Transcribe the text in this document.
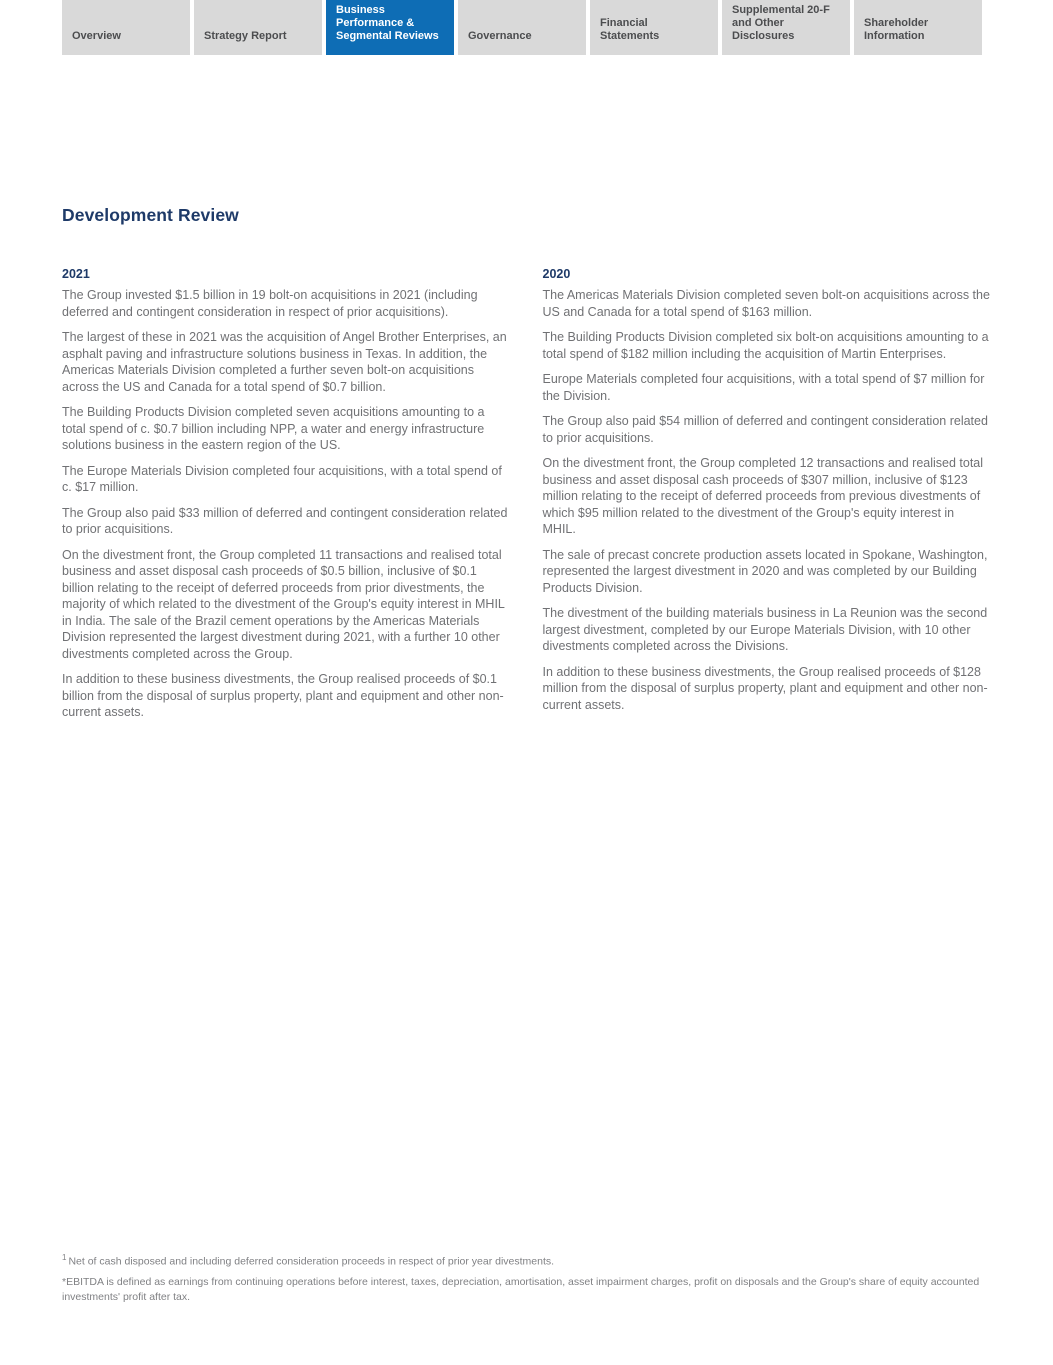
Overview	Strategy Report
Business Performance & Segmental Reviews	Governance
Financial Statements
Supplemental 20-F and Other Disclosures
Shareholder Information
Development Review
2021

The Group invested $1.5 billion in 19 bolt-on acquisitions in 2021 (including deferred and contingent consideration in respect of prior acquisitions).

The largest of these in 2021 was the acquisition of Angel Brother Enterprises, an asphalt paving and infrastructure solutions business in Texas. In addition, the Americas Materials Division completed a further seven bolt-on acquisitions across the US and Canada for a total spend of $0.7 billion.

The Building Products Division completed seven acquisitions amounting to a total spend of c. $0.7 billion including NPP, a water and energy infrastructure solutions business in the eastern region of the US.

The Europe Materials Division completed four acquisitions, with a total spend of c. $17 million.

The Group also paid $33 million of deferred and contingent consideration related to prior acquisitions.

On the divestment front, the Group completed 11 transactions and realised total business and asset disposal cash proceeds of $0.5 billion, inclusive of $0.1 billion relating to the receipt of deferred proceeds from prior divestments, the majority of which related to the divestment of the Group's equity interest in MHIL in India. The sale of the Brazil cement operations by the Americas Materials Division represented the largest divestment during 2021, with a further 10 other divestments completed across the Group.

In addition to these business divestments, the Group realised proceeds of $0.1 billion from the disposal of surplus property, plant and equipment and other non-current assets.

2020

The Americas Materials Division completed seven bolt-on acquisitions across the US and Canada for a total spend of $163 million.

The Building Products Division completed six bolt-on acquisitions amounting to a total spend of $182 million including the acquisition of Martin Enterprises.

Europe Materials completed four acquisitions, with a total spend of $7 million for the Division.

The Group also paid $54 million of deferred and contingent consideration related to prior acquisitions.

On the divestment front, the Group completed 12 transactions and realised total business and asset disposal cash proceeds of $307 million, inclusive of $123 million relating to the receipt of deferred proceeds from previous divestments of which $95 million related to the divestment of the Group's equity interest in MHIL.

The sale of precast concrete production assets located in Spokane, Washington, represented the largest divestment in 2020 and was completed by our Building Products Division.

The divestment of the building materials business in La Reunion was the second largest divestment, completed by our Europe Materials Division, with 10 other divestments completed across the Divisions.

In addition to these business divestments, the Group realised proceeds of $128 million from the disposal of surplus property, plant and equipment and other non-current assets.

$^1$ Net of cash disposed and including deferred consideration proceeds in respect of prior year divestments.

*EBITDA is defined as earnings from continuing operations before interest, taxes, depreciation, amortisation, asset impairment charges, profit on disposals and the Group's share of equity accounted investments' profit after tax.
